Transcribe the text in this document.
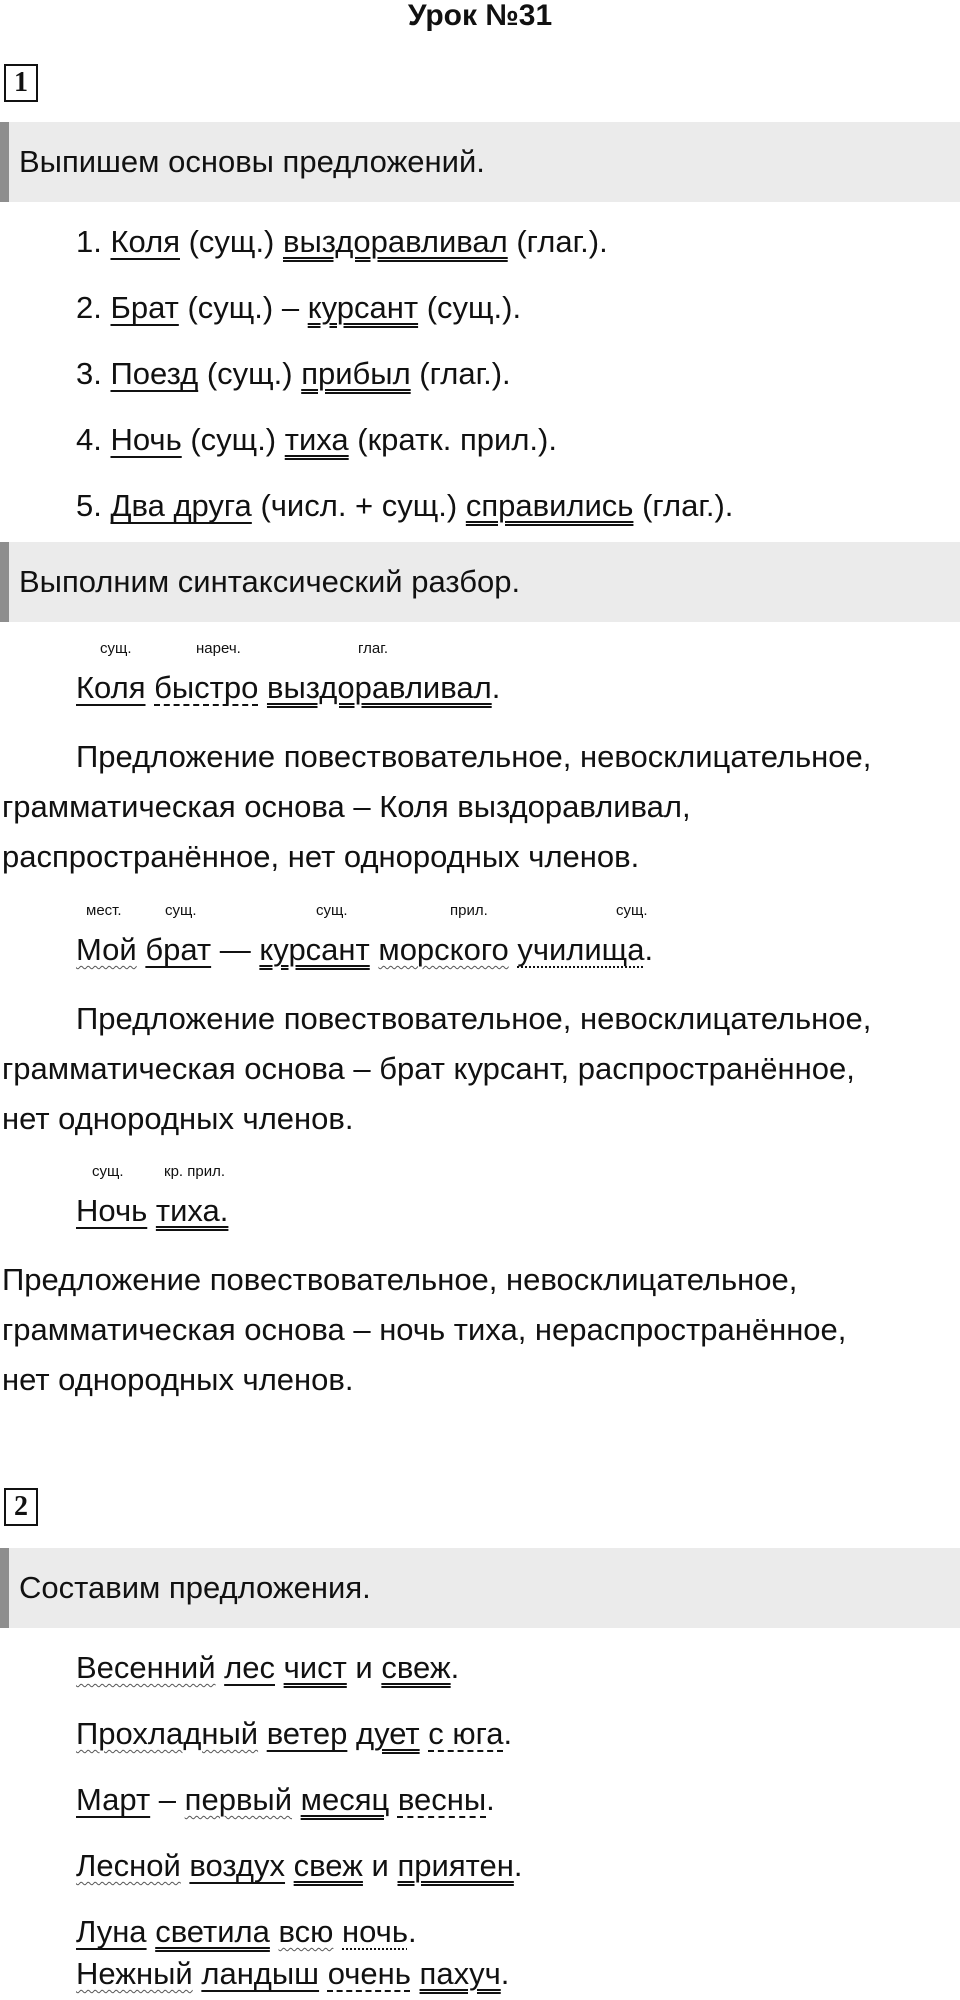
Урок №31
1
Выпишем основы предложений.
1. Коля (сущ.) выздоравливал (глаг.).
2. Брат (сущ.) – курсант (сущ.).
3. Поезд (сущ.) прибыл (глаг.).
4. Ночь (сущ.) тиха (кратк. прил.).
5. Два друга (числ. + сущ.) справились (глаг.).
Выполним синтаксический разбор.
сущ.	нареч.	глаг.
Коля быстро выздоравливал.
Предложение повествовательное, невосклицательное,
грамматическая основа – Коля выздоравливал,
распространённое, нет однородных членов.
мест.	сущ.	сущ.	прил.	сущ.
Мой брат — курсант морского училища.
Предложение повествовательное, невосклицательное,
грамматическая основа – брат курсант, распространённое,
нет однородных членов.
сущ.	кр. прил.
Ночь тиха.
Предложение повествовательное, невосклицательное,
грамматическая основа – ночь тиха, нераспространённое,
нет однородных членов.
2
Составим предложения.
Весенний лес чист и свеж.
Прохладный ветер дует с юга.
Март – первый месяц весны.
Лесной воздух свеж и приятен.
Луна светила всю ночь.
Нежный ландыш очень пахуч.
